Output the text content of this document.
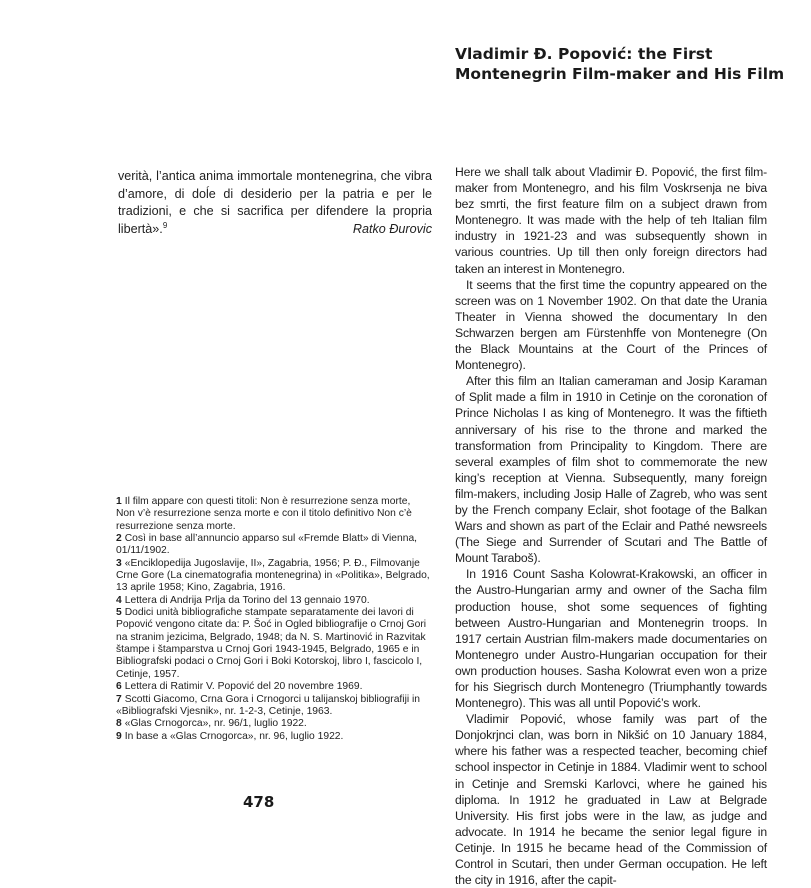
Vladimir Đ. Popović: the First
Montenegrin Film-maker and His Film
verità, l’antica anima immortale montenegrina, che vibra d’amore, di doĺe di desiderio per la patria e per le tradizioni, e che si sacrifica per difendere la propria libertà».$^9$	Ratko Đurovic

1 Il film appare con questi titoli: Non è resurrezione senza morte, Non v’è resurrezione senza morte e con il titolo definitivo Non c’è resurrezione senza morte.

2 Così in base all’annuncio apparso sul «Fremde Blatt» di Vienna, 01/11/1902.

3 «Enciklopedija Jugoslavije, II», Zagabria, 1956; P. Đ., Filmovanje Crne Gore (La cinematografia montenegrina) in «Politika», Belgrado, 13 aprile 1958; Kino, Zagabria, 1916.

4 Lettera di Andrija Prlja da Torino del 13 gennaio 1970.

5 Dodici unità bibliografiche stampate separatamente dei lavori di Popović vengono citate da: P. Šoć in Ogled bibliografije o Crnoj Gori na stranim jezicima, Belgrado, 1948; da N. S. Martinović in Razvitak štampe i štamparstva u Crnoj Gori 1943-1945, Belgrado, 1965 e in Bibliografski podaci o Crnoj Gori i Boki Kotorskoj, libro I, fascicolo I, Cetinje, 1957.

6 Lettera di Ratimir V. Popović del 20 novembre 1969.

7 Scotti Giacomo, Crna Gora i Crnogorci u talijanskoj bibliografiji in «Bibliografski Vjesnik», nr. 1-2-3, Cetinje, 1963.

8 «Glas Crnogorca», nr. 96/1, luglio 1922.

9 In base a «Glas Crnogorca», nr. 96, luglio 1922.

478

Here we shall talk about Vladimir Đ. Popović, the first film-maker from Montenegro, and his film Voskrsenja ne biva bez smrti, the first feature film on a subject drawn from Montenegro. It was made with the help of teh Italian film industry in 1921-23 and was subsequently shown in various countries. Up till then only foreign directors had taken an interest in Montenegro.

It seems that the first time the copuntry appeared on the screen was on 1 November 1902. On that date the Urania Theater in Vienna showed the documentary In den Schwarzen bergen am Fürstenhffe von Montenegre (On the Black Mountains at the Court of the Princes of Montenegro).

After this film an Italian cameraman and Josip Karaman of Split made a film in 1910 in Cetinje on the coronation of Prince Nicholas I as king of Montenegro. It was the fiftieth anniversary of his rise to the throne and marked the transformation from Principality to Kingdom. There are several examples of film shot to commemorate the new king’s reception at Vienna. Subsequently, many foreign film-makers, including Josip Halle of Zagreb, who was sent by the French company Eclair, shot footage of the Balkan Wars and shown as part of the Eclair and Pathé newsreels (The Siege and Surrender of Scutari and The Battle of Mount Taraboš).

In 1916 Count Sasha Kolowrat-Krakowski, an officer in the Austro-Hungarian army and owner of the Sacha film production house, shot some sequences of fighting between Austro-Hungarian and Montenegrin troops. In 1917 certain Austrian film-makers made documentaries on Montenegro under Austro-Hungarian occupation for their own production houses. Sasha Kolowrat even won a prize for his Siegrisch durch Montenegro (Triumphantly towards Montenegro). This was all until Popović’s work.

Vladimir Popović, whose family was part of the Donjokrjnci clan, was born in Nikšić on 10 January 1884, where his father was a respected teacher, becoming chief school inspector in Cetinje in 1884. Vladimir went to school in Cetinje and Sremski Karlovci, where he gained his diploma. In 1912 he graduated in Law at Belgrade University. His first jobs were in the law, as judge and advocate. In 1914 he became the senior legal figure in Cetinje. In 1915 he became head of the Commission of Control in Scutari, then under German occupation. He left the city in 1916, after the capit-
